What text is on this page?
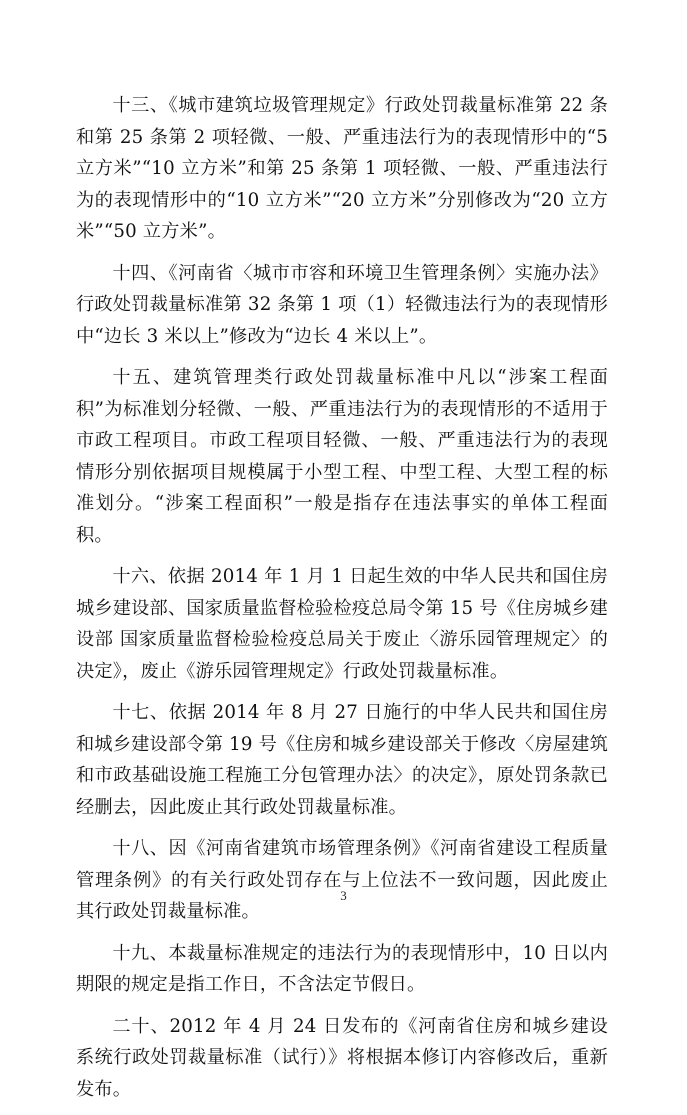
十三、《城市建筑垃圾管理规定》行政处罚裁量标准第 22 条和第 25 条第 2 项轻微、一般、严重违法行为的表现情形中的“5 立方米”“10 立方米”和第 25 条第 1 项轻微、一般、严重违法行为的表现情形中的“10 立方米”“20 立方米”分别修改为“20 立方米”“50 立方米”。

十四、《河南省〈城市市容和环境卫生管理条例〉实施办法》行政处罚裁量标准第 32 条第 1 项（1）轻微违法行为的表现情形中“边长 3 米以上”修改为“边长 4 米以上”。

十五、建筑管理类行政处罚裁量标准中凡以“涉案工程面积”为标准划分轻微、一般、严重违法行为的表现情形的不适用于市政工程项目。市政工程项目轻微、一般、严重违法行为的表现情形分别依据项目规模属于小型工程、中型工程、大型工程的标准划分。“涉案工程面积”一般是指存在违法事实的单体工程面积。

十六、依据 2014 年 1 月 1 日起生效的中华人民共和国住房城乡建设部、国家质量监督检验检疫总局令第 15 号《住房城乡建设部 国家质量监督检验检疫总局关于废止〈游乐园管理规定〉的决定》，废止《游乐园管理规定》行政处罚裁量标准。

十七、依据 2014 年 8 月 27 日施行的中华人民共和国住房和城乡建设部令第 19 号《住房和城乡建设部关于修改〈房屋建筑和市政基础设施工程施工分包管理办法〉的决定》，原处罚条款已经删去，因此废止其行政处罚裁量标准。

十八、因《河南省建筑市场管理条例》《河南省建设工程质量管理条例》的有关行政处罚存在与上位法不一致问题，因此废止其行政处罚裁量标准。

十九、本裁量标准规定的违法行为的表现情形中，10 日以内期限的规定是指工作日，不含法定节假日。

二十、2012 年 4 月 24 日发布的《河南省住房和城乡建设系统行政处罚裁量标准（试行）》将根据本修订内容修改后，重新发布。

3
